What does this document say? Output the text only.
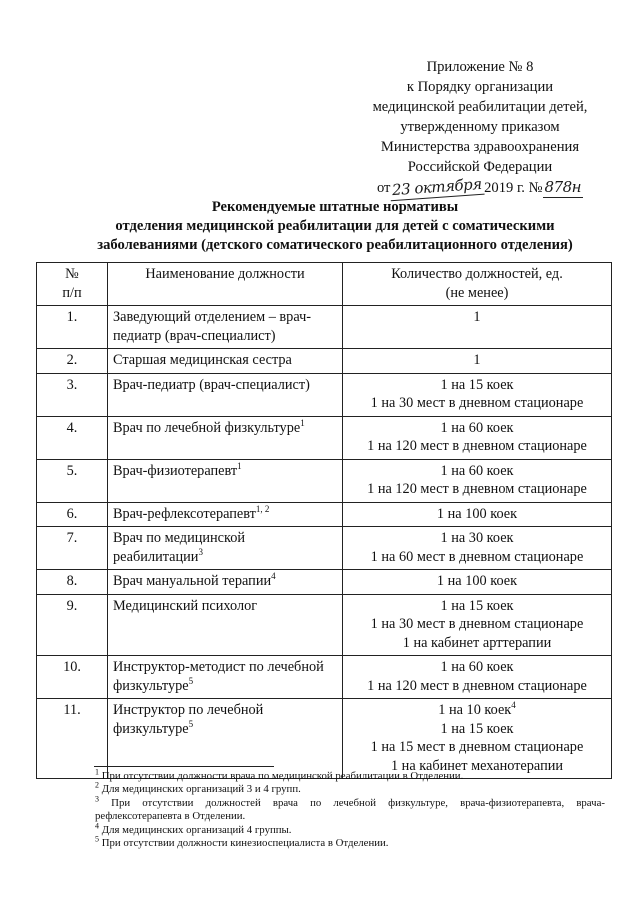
Приложение № 8
к Порядку организации
медицинской реабилитации детей,
утвержденному приказом
Министерства здравоохранения
Российской Федерации
от23 октября 2019 г. № 878н
Рекомендуемые штатные нормативы
отделения медицинской реабилитации для детей с соматическими
заболеваниями (детского соматического реабилитационного отделения)
№
п/п	Наименование должности	Количество должностей, ед.
(не менее)

1.	Заведующий отделением – врач-педиатр (врач-специалист)	1

2.	Старшая медицинская сестра	1

3.	Врач-педиатр (врач-специалист)	1 на 15 коек
1 на 30 мест в дневном стационаре

4.	Врач по лечебной физкультуре$^1$	1 на 60 коек
1 на 120 мест в дневном стационаре

5.	Врач-физиотерапевт$^1$	1 на 60 коек
1 на 120 мест в дневном стационаре

6.	Врач-рефлексотерапевт$^{1, 2}$	1 на 100 коек

7.	Врач по медицинской реабилитации$^3$	1 на 30 коек
1 на 60 мест в дневном стационаре

8.	Врач мануальной терапии$^4$	1 на 100 коек

9.	Медицинский психолог	1 на 15 коек
1 на 30 мест в дневном стационаре
1 на кабинет арттерапии

10.	Инструктор-методист по лечебной физкультуре$^5$	1 на 60 коек
1 на 120 мест в дневном стационаре

11.	Инструктор по лечебной физкультуре$^5$	1 на 10 коек$^4$
1 на 15 коек
1 на 15 мест в дневном стационаре
1 на кабинет механотерапии
$^1$ При отсутствии должности врача по медицинской реабилитации в Отделении.
$^2$ Для медицинских организаций 3 и 4 групп.
$^3$ При отсутствии должностей врача по лечебной физкультуре, врача-физиотерапевта, врача-рефлексотерапевта в Отделении.
$^4$ Для медицинских организаций 4 группы.
$^5$ При отсутствии должности кинезиоспециалиста в Отделении.
